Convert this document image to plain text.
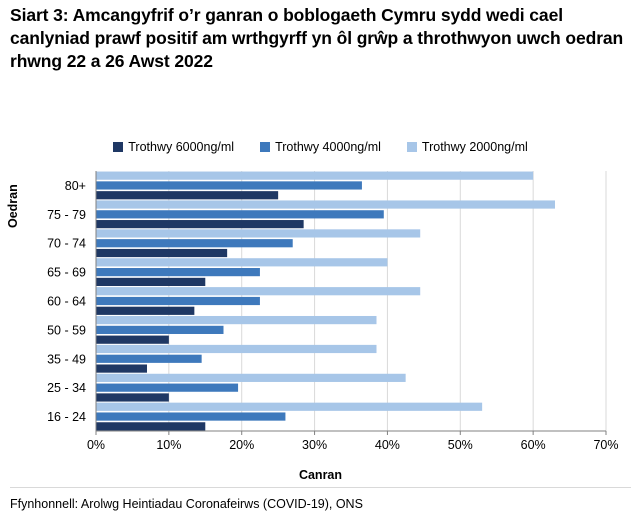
Siart 3: Amcangyfrif o’r ganran o boblogaeth Cymru sydd wedi cael canlyniad prawf positif am wrthgyrff yn ôl grŵp a throthwyon uwch oedran rhwng 22 a 26 Awst 2022
Trothwy 6000ng/ml	Trothwy 4000ng/ml	Trothwy 2000ng/ml
Oedran	80+
75 - 79
70 - 74
65 - 69
60 - 64
50 - 59
35 - 49
25 - 34
16 - 24
0%	10%	20%	30%	40%	50%	60%	70%
Canran
Ffynhonnell: Arolwg Heintiadau Coronafeirws (COVID-19), ONS
